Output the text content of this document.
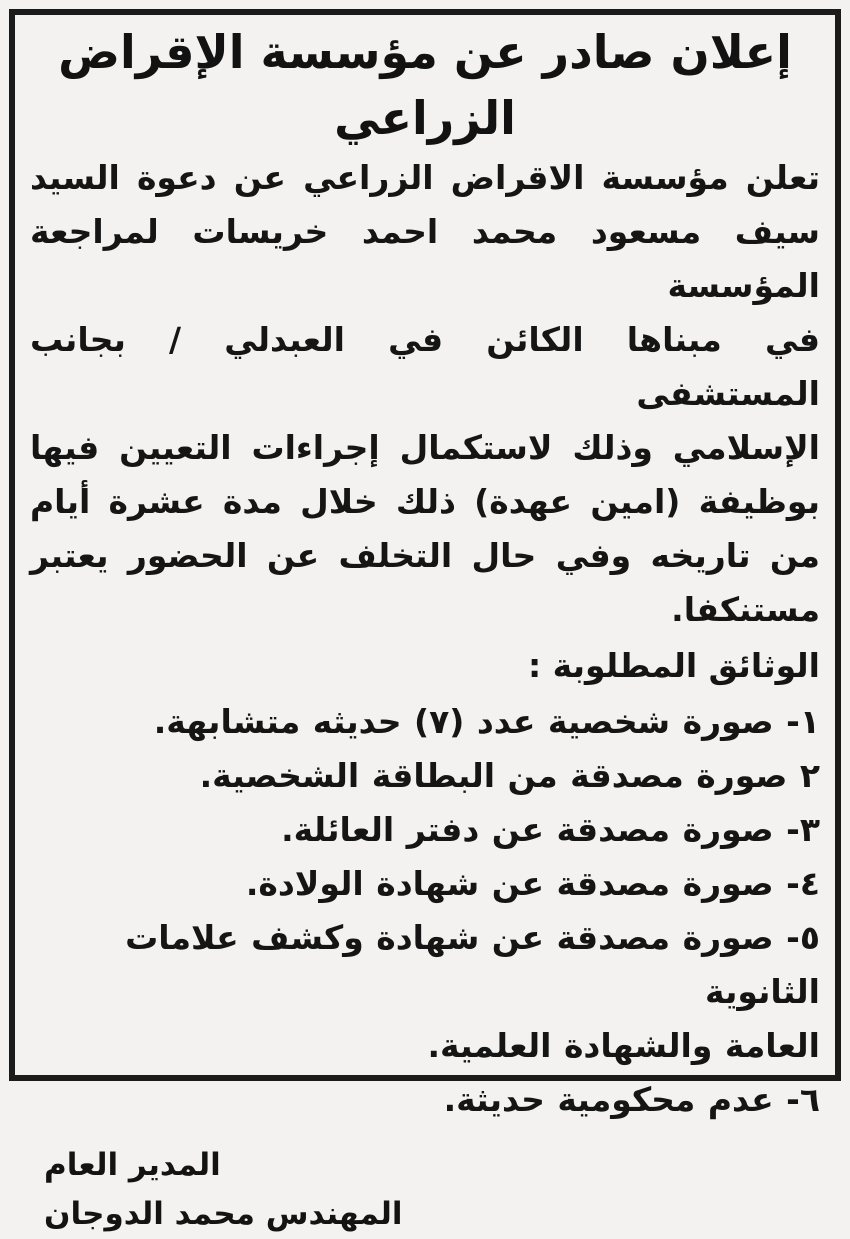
إعلان صادر عن مؤسسة الإقراض
الزراعي
تعلن مؤسسة الاقراض الزراعي عن دعوة السيد
سيف مسعود محمد احمد خريسات لمراجعة المؤسسة
في مبناها الكائن في العبدلي / بجانب المستشفى
الإسلامي وذلك لاستكمال إجراءات التعيين فيها
بوظيفة (امين عهدة) ذلك خلال مدة عشرة أيام
من تاريخه وفي حال التخلف عن الحضور يعتبر
مستنكفا.
الوثائق المطلوبة :
١- صورة شخصية عدد (٧) حديثه متشابهة.
٢ صورة مصدقة من البطاقة الشخصية.
٣- صورة مصدقة عن دفتر العائلة.
٤- صورة مصدقة عن شهادة الولادة.
٥- صورة مصدقة عن شهادة وكشف علامات الثانوية
العامة والشهادة العلمية.
٦- عدم محكومية حديثة.
المدير العام
المهندس محمد الدوجان
